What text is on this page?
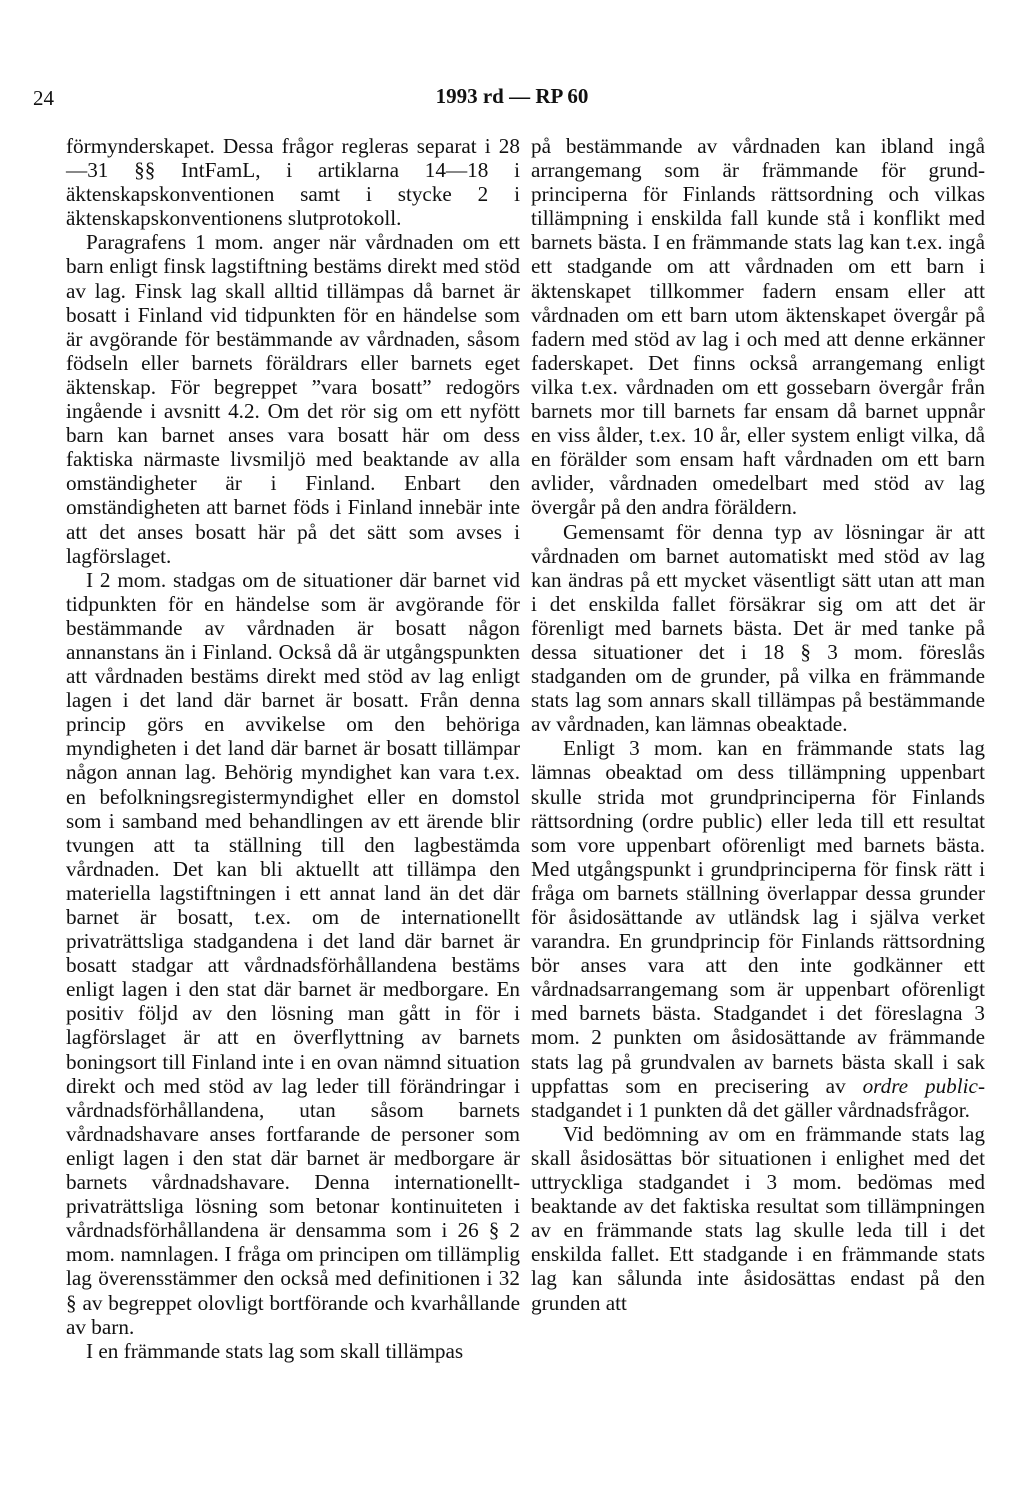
24	1993 rd — RP 60

förmynderskapet. Dessa frågor regleras separat i 28—31 §§ IntFamL, i artiklarna 14—18 i äktenskapskonventionen samt i stycke 2 i äktenskapskonventionens slutprotokoll.

Paragrafens 1 mom. anger när vårdnaden om ett barn enligt finsk lagstiftning bestäms direkt med stöd av lag. Finsk lag skall alltid tillämpas då barnet är bosatt i Finland vid tidpunkten för en händelse som är avgörande för bestämmande av vårdnaden, såsom födseln eller barnets föräldrars eller barnets eget äktenskap. För begreppet ”vara bosatt” redogörs ingående i avsnitt 4.2. Om det rör sig om ett nyfött barn kan barnet anses vara bosatt här om dess faktiska närmaste livsmiljö med beaktande av alla omständigheter är i Finland. Enbart den omständigheten att barnet föds i Finland innebär inte att det anses bosatt här på det sätt som avses i lagförslaget.

I 2 mom. stadgas om de situationer där barnet vid tidpunkten för en händelse som är avgörande för bestämmande av vårdnaden är bosatt någon annanstans än i Finland. Också då är utgångspunkten att vårdnaden bestäms direkt med stöd av lag enligt lagen i det land där barnet är bosatt. Från denna princip görs en avvikelse om den behöriga myndigheten i det land där barnet är bosatt tillämpar någon annan lag. Behörig myndighet kan vara t.ex. en befolkningsregistermyndighet eller en domstol som i samband med behandlingen av ett ärende blir tvungen att ta ställning till den lagbestämda vårdnaden. Det kan bli aktuellt att tillämpa den materiella lagstiftningen i ett annat land än det där barnet är bosatt, t.ex. om de internationellt privaträttsliga stadgandena i det land där barnet är bosatt stadgar att vårdnadsförhållandena bestäms enligt lagen i den stat där barnet är medborgare. En positiv följd av den lösning man gått in för i lagförslaget är att en överflyttning av barnets boningsort till Finland inte i en ovan nämnd situation direkt och med stöd av lag leder till förändringar i vårdnadsförhållandena, utan såsom barnets vårdnadshavare anses fortfarande de personer som enligt lagen i den stat där barnet är medborgare är barnets vårdnadshavare. Denna internationelltprivaträttsliga lösning som betonar kontinuiteten i vårdnadsförhållandena är densamma som i 26 § 2 mom. namnlagen. I fråga om principen om tillämplig lag överensstämmer den också med definitionen i 32 § av begreppet olovligt bortförande och kvarhållande av barn.

I en främmande stats lag som skall tillämpas

på bestämmande av vårdnaden kan ibland ingå arrangemang som är främmande för grundprinciperna för Finlands rättsordning och vilkas tillämpning i enskilda fall kunde stå i konflikt med barnets bästa. I en främmande stats lag kan t.ex. ingå ett stadgande om att vårdnaden om ett barn i äktenskapet tillkommer fadern ensam eller att vårdnaden om ett barn utom äktenskapet övergår på fadern med stöd av lag i och med att denne erkänner faderskapet. Det finns också arrangemang enligt vilka t.ex. vårdnaden om ett gossebarn övergår från barnets mor till barnets far ensam då barnet uppnår en viss ålder, t.ex. 10 år, eller system enligt vilka, då en förälder som ensam haft vårdnaden om ett barn avlider, vårdnaden omedelbart med stöd av lag övergår på den andra föräldern.

Gemensamt för denna typ av lösningar är att vårdnaden om barnet automatiskt med stöd av lag kan ändras på ett mycket väsentligt sätt utan att man i det enskilda fallet försäkrar sig om att det är förenligt med barnets bästa. Det är med tanke på dessa situationer det i 18 § 3 mom. föreslås stadganden om de grunder, på vilka en främmande stats lag som annars skall tillämpas på bestämmande av vårdnaden, kan lämnas obeaktade.

Enligt 3 mom. kan en främmande stats lag lämnas obeaktad om dess tillämpning uppenbart skulle strida mot grundprinciperna för Finlands rättsordning (ordre public) eller leda till ett resultat som vore uppenbart oförenligt med barnets bästa. Med utgångspunkt i grundprinciperna för finsk rätt i fråga om barnets ställning överlappar dessa grunder för åsidosättande av utländsk lag i själva verket varandra. En grundprincip för Finlands rättsordning bör anses vara att den inte godkänner ett vårdnadsarrangemang som är uppenbart oförenligt med barnets bästa. Stadgandet i det föreslagna 3 mom. 2 punkten om åsidosättande av främmande stats lag på grundvalen av barnets bästa skall i sak uppfattas som en precisering av ordre public-stadgandet i 1 punkten då det gäller vårdnadsfrågor.

Vid bedömning av om en främmande stats lag skall åsidosättas bör situationen i enlighet med det uttryckliga stadgandet i 3 mom. bedömas med beaktande av det faktiska resultat som tillämpningen av en främmande stats lag skulle leda till i det enskilda fallet. Ett stadgande i en främmande stats lag kan sålunda inte åsidosättas endast på den grunden att
